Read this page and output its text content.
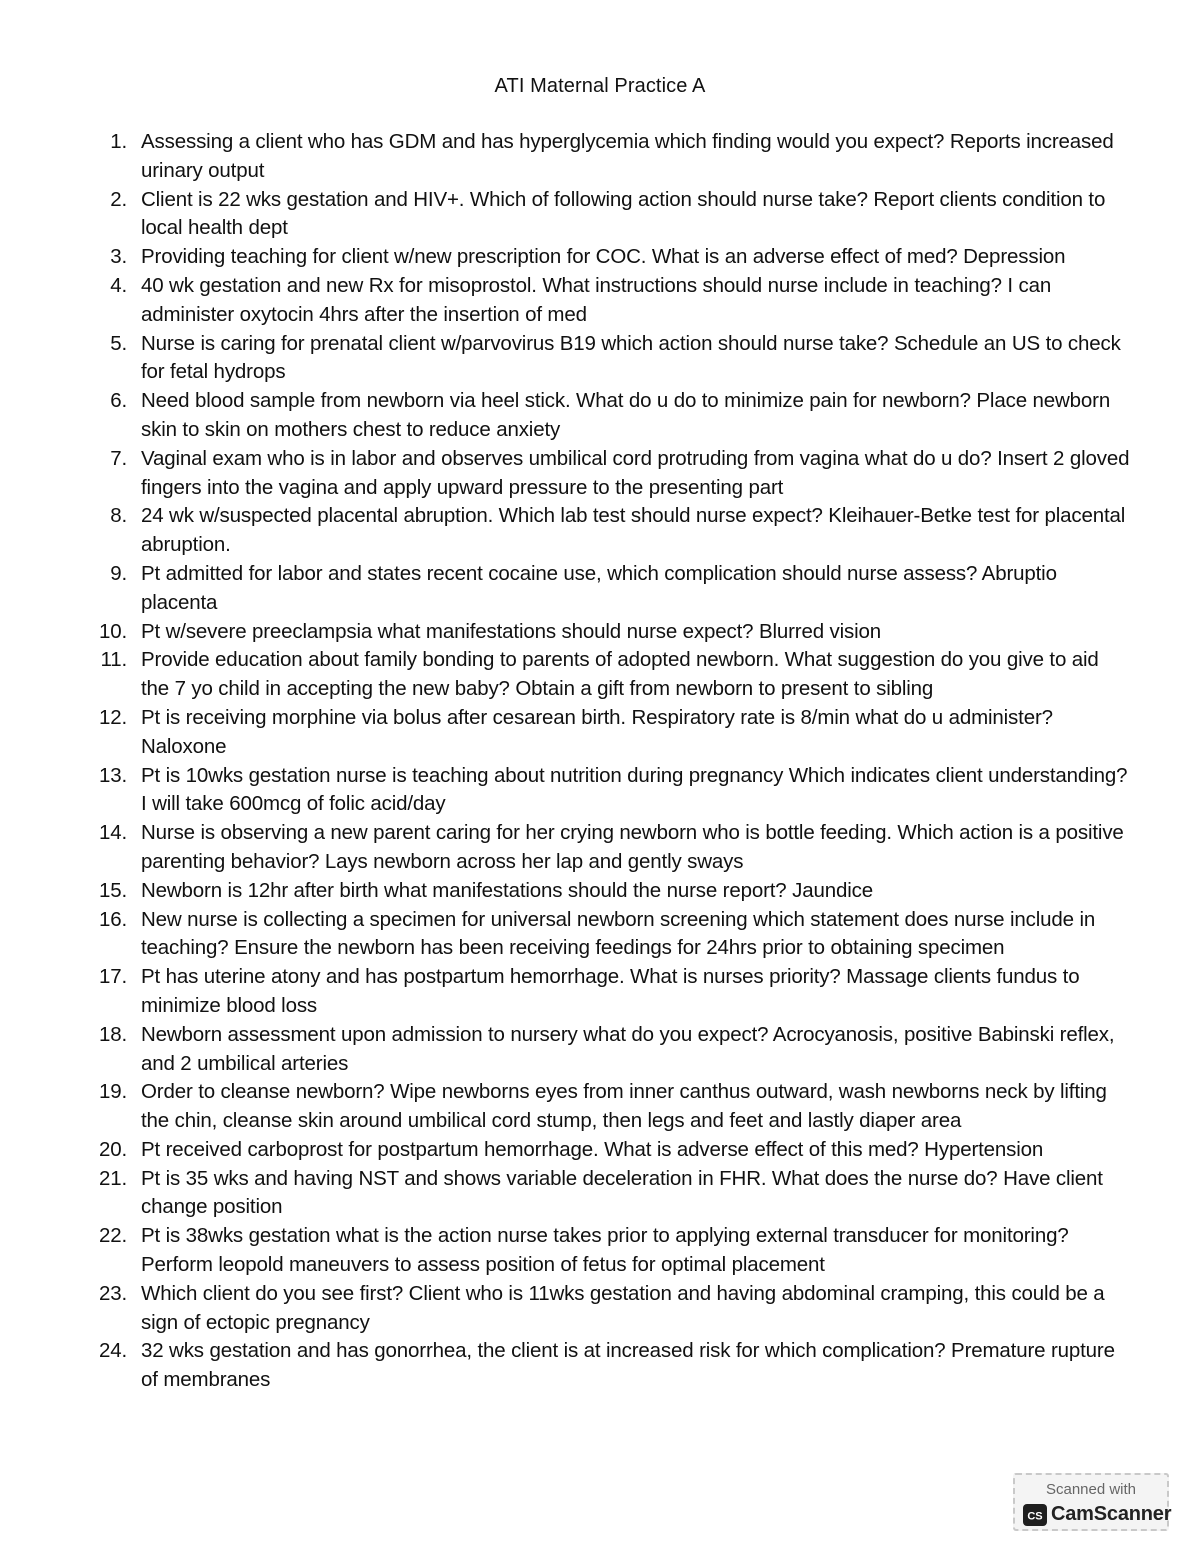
ATI Maternal Practice A
1. Assessing a client who has GDM and has hyperglycemia which finding would you expect? Reports increased urinary output
2. Client is 22 wks gestation and HIV+. Which of following action should nurse take? Report clients condition to local health dept
3. Providing teaching for client w/new prescription for COC. What is an adverse effect of med? Depression
4. 40 wk gestation and new Rx for misoprostol. What instructions should nurse include in teaching? I can administer oxytocin 4hrs after the insertion of med
5. Nurse is caring for prenatal client w/parvovirus B19 which action should nurse take? Schedule an US to check for fetal hydrops
6. Need blood sample from newborn via heel stick. What do u do to minimize pain for newborn? Place newborn skin to skin on mothers chest to reduce anxiety
7. Vaginal exam who is in labor and observes umbilical cord protruding from vagina what do u do? Insert 2 gloved fingers into the vagina and apply upward pressure to the presenting part
8. 24 wk w/suspected placental abruption. Which lab test should nurse expect? Kleihauer-Betke test for placental abruption.
9. Pt admitted for labor and states recent cocaine use, which complication should nurse assess? Abruptio placenta
10. Pt w/severe preeclampsia what manifestations should nurse expect? Blurred vision
11. Provide education about family bonding to parents of adopted newborn. What suggestion do you give to aid the 7 yo child in accepting the new baby? Obtain a gift from newborn to present to sibling
12. Pt is receiving morphine via bolus after cesarean birth. Respiratory rate is 8/min what do u administer? Naloxone
13. Pt is 10wks gestation nurse is teaching about nutrition during pregnancy Which indicates client understanding? I will take 600mcg of folic acid/day
14. Nurse is observing a new parent caring for her crying newborn who is bottle feeding. Which action is a positive parenting behavior? Lays newborn across her lap and gently sways
15. Newborn is 12hr after birth what manifestations should the nurse report? Jaundice
16. New nurse is collecting a specimen for universal newborn screening which statement does nurse include in teaching? Ensure the newborn has been receiving feedings for 24hrs prior to obtaining specimen
17. Pt has uterine atony and has postpartum hemorrhage. What is nurses priority? Massage clients fundus to minimize blood loss
18. Newborn assessment upon admission to nursery what do you expect? Acrocyanosis, positive Babinski reflex, and 2 umbilical arteries
19. Order to cleanse newborn? Wipe newborns eyes from inner canthus outward, wash newborns neck by lifting the chin, cleanse skin around umbilical cord stump, then legs and feet and lastly diaper area
20. Pt received carboprost for postpartum hemorrhage. What is adverse effect of this med? Hypertension
21. Pt is 35 wks and having NST and shows variable deceleration in FHR. What does the nurse do? Have client change position
22. Pt is 38wks gestation what is the action nurse takes prior to applying external transducer for monitoring? Perform leopold maneuvers to assess position of fetus for optimal placement
23. Which client do you see first? Client who is 11wks gestation and having abdominal cramping, this could be a sign of ectopic pregnancy
24. 32 wks gestation and has gonorrhea, the client is at increased risk for which complication? Premature rupture of membranes
Scanned with
CS CamScanner
